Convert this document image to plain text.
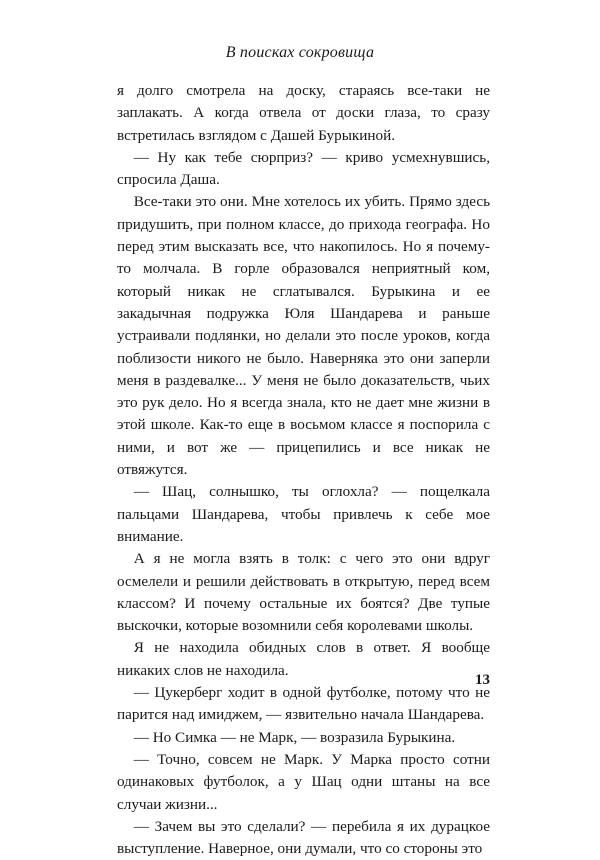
В поисках сокровища

я долго смотрела на доску, стараясь все-таки не заплакать. А когда отвела от доски глаза, то сразу встретилась взглядом с Дашей Бурыкиной.

— Ну как тебе сюрприз? — криво усмехнувшись, спросила Даша.

Все-таки это они. Мне хотелось их убить. Прямо здесь придушить, при полном классе, до прихода географа. Но перед этим высказать все, что накопилось. Но я почему-то молчала. В горле образовался неприятный ком, который никак не сглатывался. Бурыкина и ее закадычная подружка Юля Шандарева и раньше устраивали подлянки, но делали это после уроков, когда поблизости никого не было. Наверняка это они заперли меня в раздевалке... У меня не было доказательств, чьих это рук дело. Но я всегда знала, кто не дает мне жизни в этой школе. Как-то еще в восьмом классе я поспорила с ними, и вот же — прицепились и все никак не отвяжутся.

— Шац, солнышко, ты оглохла? — пощелкала пальцами Шандарева, чтобы привлечь к себе мое внимание.

А я не могла взять в толк: с чего это они вдруг осмелели и решили действовать в открытую, перед всем классом? И почему остальные их боятся? Две тупые выскочки, которые возомнили себя королевами школы.

Я не находила обидных слов в ответ. Я вообще никаких слов не находила.

— Цукерберг ходит в одной футболке, потому что не парится над имиджем, — язвительно начала Шандарева.

— Но Симка — не Марк, — возразила Бурыкина.

— Точно, совсем не Марк. У Марка просто сотни одинаковых футболок, а у Шац одни штаны на все случаи жизни...

— Зачем вы это сделали? — перебила я их дурацкое выступление. Наверное, они думали, что со стороны это

13
